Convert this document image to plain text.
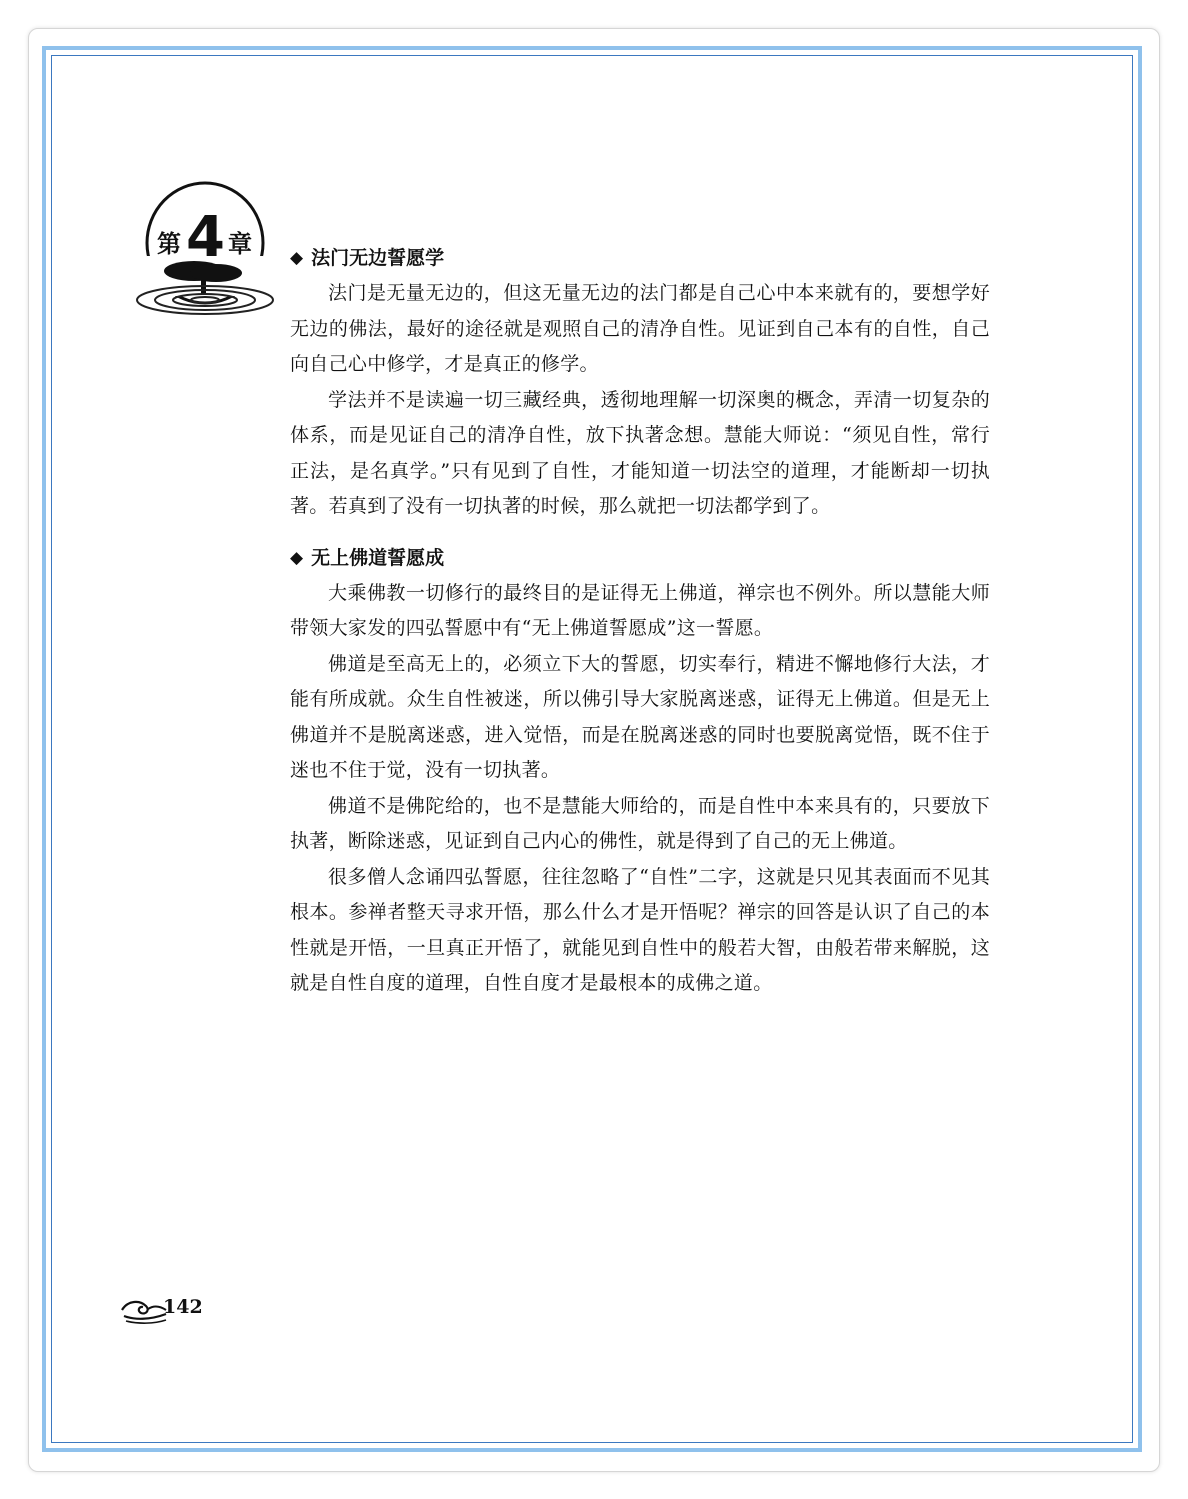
第 4 章 ◆ 法门无边誓愿学

法门是无量无边的，但这无量无边的法门都是自己心中本来就有的，要想学好无边的佛法，最好的途径就是观照自己的清净自性。见证到自己本有的自性，自己向自己心中修学，才是真正的修学。

学法并不是读遍一切三藏经典，透彻地理解一切深奥的概念，弄清一切复杂的体系，而是见证自己的清净自性，放下执著念想。慧能大师说：“须见自性，常行正法，是名真学。”只有见到了自性，才能知道一切法空的道理，才能断却一切执著。若真到了没有一切执著的时候，那么就把一切法都学到了。

◆ 无上佛道誓愿成

大乘佛教一切修行的最终目的是证得无上佛道，禅宗也不例外。所以慧能大师带领大家发的四弘誓愿中有“无上佛道誓愿成”这一誓愿。

佛道是至高无上的，必须立下大的誓愿，切实奉行，精进不懈地修行大法，才能有所成就。众生自性被迷，所以佛引导大家脱离迷惑，证得无上佛道。但是无上佛道并不是脱离迷惑，进入觉悟，而是在脱离迷惑的同时也要脱离觉悟，既不住于迷也不住于觉，没有一切执著。

佛道不是佛陀给的，也不是慧能大师给的，而是自性中本来具有的，只要放下执著，断除迷惑，见证到自己内心的佛性，就是得到了自己的无上佛道。

很多僧人念诵四弘誓愿，往往忽略了“自性”二字，这就是只见其表面而不见其根本。参禅者整天寻求开悟，那么什么才是开悟呢？禅宗的回答是认识了自己的本性就是开悟，一旦真正开悟了，就能见到自性中的般若大智，由般若带来解脱，这就是自性自度的道理，自性自度才是最根本的成佛之道。

142
